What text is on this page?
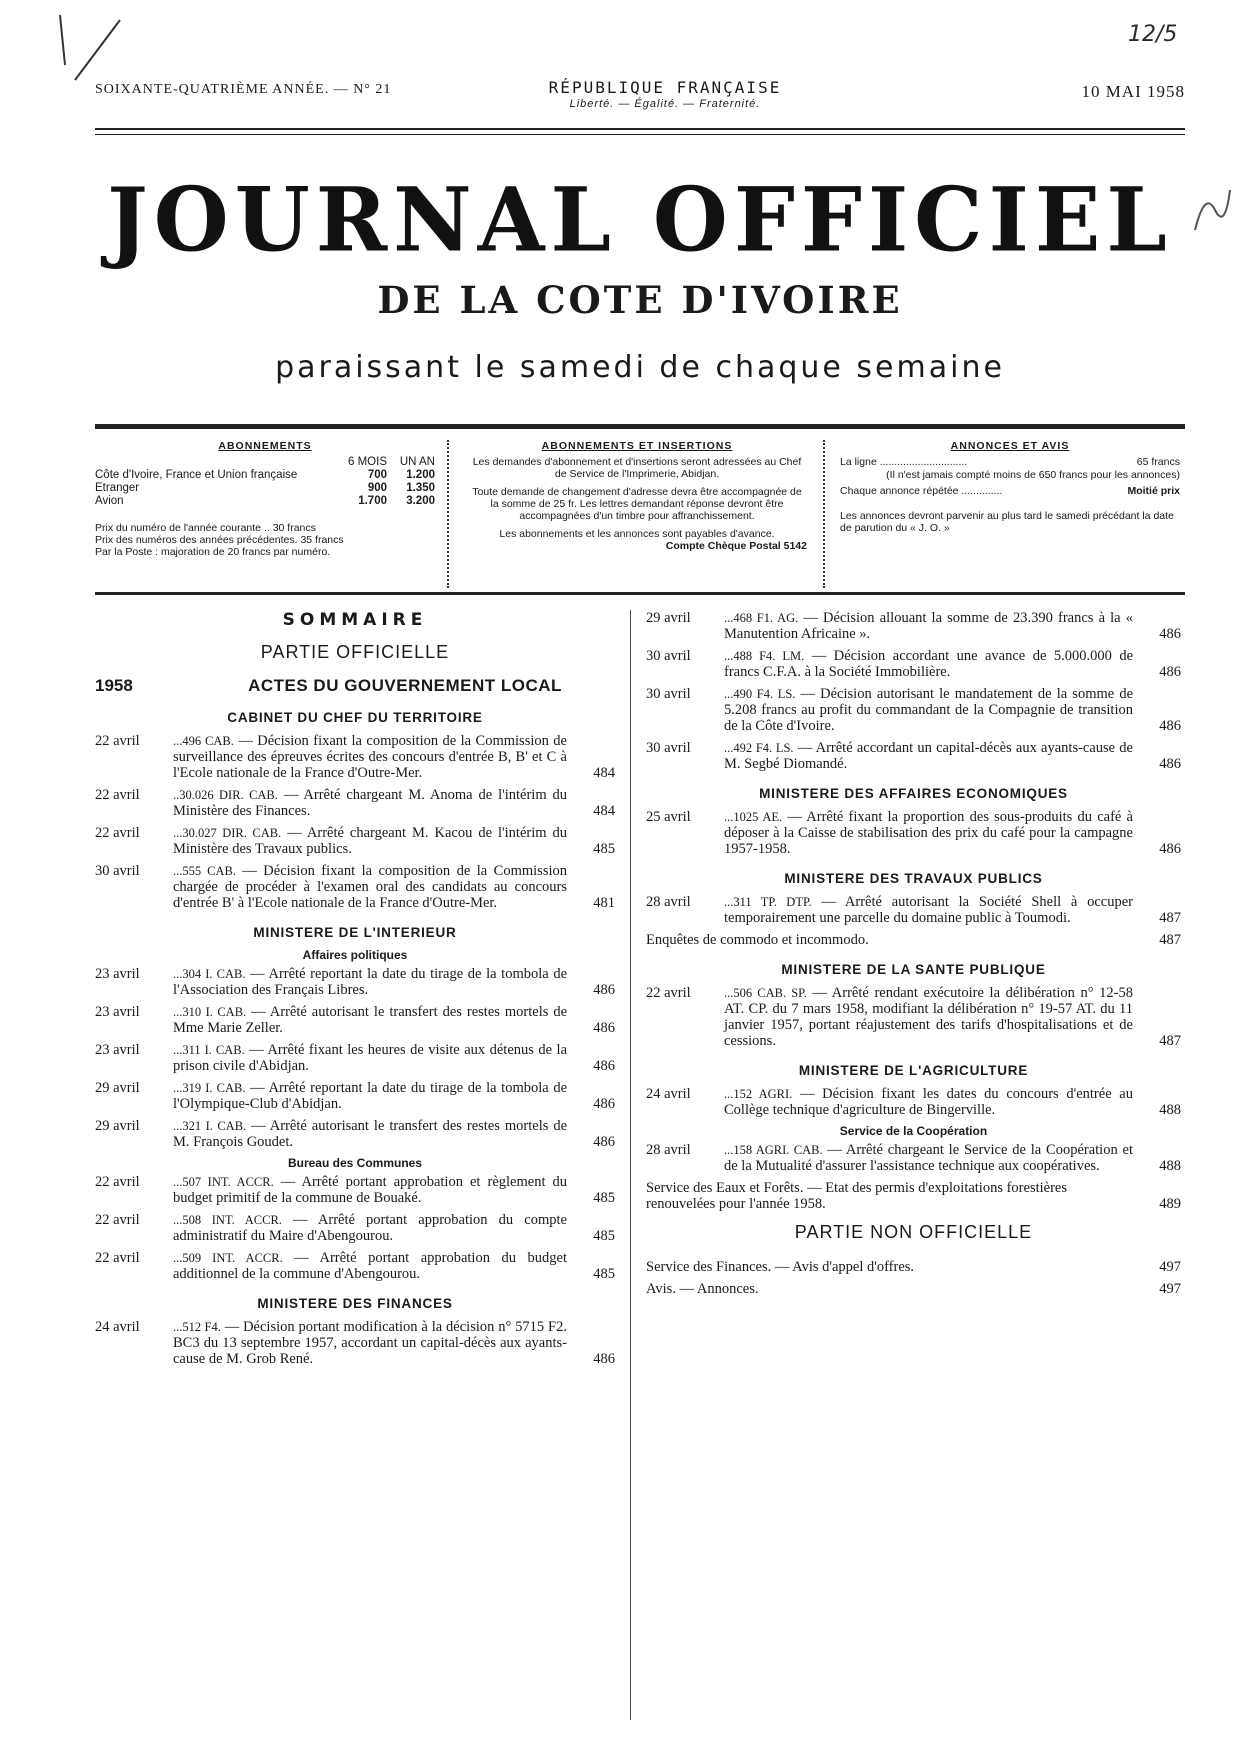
12/5
SOIXANTE-QUATRIÈME ANNÉE. — N° 21	RÉPUBLIQUE FRANÇAISE
Liberté. — Égalité. — Fraternité.
10 MAI 1958
JOURNAL OFFICIEL
DE LA COTE D'IVOIRE
paraissant le samedi de chaque semaine
ABONNEMENTS
	6 MOIS	UN AN
Côte d'Ivoire, France et Union française	700	1.200
Etranger	900	1.350
Avion	1.700	3.200
Prix du numéro de l'année courante .. 30 francs
Prix des numéros des années précédentes. 35 francs
Par la Poste : majoration de 20 francs par numéro.
ABONNEMENTS ET INSERTIONS
Les demandes d'abonnement et d'insertions seront adressées au Chef de Service de l'Imprimerie, Abidjan.
Toute demande de changement d'adresse devra être accompagnée de la somme de 25 fr. Les lettres demandant réponse devront être accompagnées d'un timbre pour affranchissement.
Les abonnements et les annonces sont payables d'avance.
Compte Chèque Postal 5142
ANNONCES ET AVIS
La ligne ..............................	65 francs
(Il n'est jamais compté moins de 650 francs pour les annonces)
Chaque annonce répétée ..............	Moitié prix
Les annonces devront parvenir au plus tard le samedi précédant la date de parution du « J. O. »
SOMMAIRE
PARTIE OFFICIELLE
1958	ACTES DU GOUVERNEMENT LOCAL
CABINET DU CHEF DU TERRITOIRE
22 avril	...496 CAB. — Décision fixant la composition de la Commission de surveillance des épreuves écrites des concours d'entrée B, B' et C à l'Ecole nationale de la France d'Outre-Mer.	484
22 avril	..30.026 DIR. CAB. — Arrêté chargeant M. Anoma de l'intérim du Ministère des Finances.	484
22 avril	...30.027 DIR. CAB. — Arrêté chargeant M. Kacou de l'intérim du Ministère des Travaux publics.	485
30 avril	...555 CAB. — Décision fixant la composition de la Commission chargée de procéder à l'examen oral des candidats au concours d'entrée B' à l'Ecole nationale de la France d'Outre-Mer.	481
MINISTERE DE L'INTERIEUR
Affaires politiques
23 avril	...304 I. CAB. — Arrêté reportant la date du tirage de la tombola de l'Association des Français Libres.	486
23 avril	...310 I. CAB. — Arrêté autorisant le transfert des restes mortels de Mme Marie Zeller.	486
23 avril	...311 I. CAB. — Arrêté fixant les heures de visite aux détenus de la prison civile d'Abidjan.	486
29 avril	...319 I. CAB. — Arrêté reportant la date du tirage de la tombola de l'Olympique-Club d'Abidjan.	486
29 avril	...321 I. CAB. — Arrêté autorisant le transfert des restes mortels de M. François Goudet.	486
Bureau des Communes
22 avril	...507 INT. ACCR. — Arrêté portant approbation et règlement du budget primitif de la commune de Bouaké.	485
22 avril	...508 INT. ACCR. — Arrêté portant approbation du compte administratif du Maire d'Abengourou.	485
22 avril	...509 INT. ACCR. — Arrêté portant approbation du budget additionnel de la commune d'Abengourou.	485
MINISTERE DES FINANCES
24 avril	...512 F4. — Décision portant modification à la décision n° 5715 F2. BC3 du 13 septembre 1957, accordant un capital-décès aux ayants-cause de M. Grob René.	486
29 avril	...468 F1. AG. — Décision allouant la somme de 23.390 francs à la « Manutention Africaine ».	486
30 avril	...488 F4. LM. — Décision accordant une avance de 5.000.000 de francs C.F.A. à la Société Immobilière.	486
30 avril	...490 F4. LS. — Décision autorisant le mandatement de la somme de 5.208 francs au profit du commandant de la Compagnie de transition de la Côte d'Ivoire.	486
30 avril	...492 F4. LS. — Arrêté accordant un capital-décès aux ayants-cause de M. Segbé Diomandé.	486
MINISTERE DES AFFAIRES ECONOMIQUES
25 avril	...1025 AE. — Arrêté fixant la proportion des sous-produits du café à déposer à la Caisse de stabilisation des prix du café pour la campagne 1957-1958.	486
MINISTERE DES TRAVAUX PUBLICS
28 avril	...311 TP. DTP. — Arrêté autorisant la Société Shell à occuper temporairement une parcelle du domaine public à Toumodi.	487
Enquêtes de commodo et incommodo.	487
MINISTERE DE LA SANTE PUBLIQUE
22 avril	...506 CAB. SP. — Arrêté rendant exécutoire la délibération n° 12-58 AT. CP. du 7 mars 1958, modifiant la délibération n° 19-57 AT. du 11 janvier 1957, portant réajustement des tarifs d'hospitalisations et de cessions.	487
MINISTERE DE L'AGRICULTURE
24 avril	...152 AGRI. — Décision fixant les dates du concours d'entrée au Collège technique d'agriculture de Bingerville.	488
Service de la Coopération
28 avril	...158 AGRI. CAB. — Arrêté chargeant le Service de la Coopération et de la Mutualité d'assurer l'assistance technique aux coopératives.	488
Service des Eaux et Forêts. — Etat des permis d'exploitations forestières renouvelées pour l'année 1958.	489
PARTIE NON OFFICIELLE
Service des Finances. — Avis d'appel d'offres.	497
Avis. — Annonces.	497
